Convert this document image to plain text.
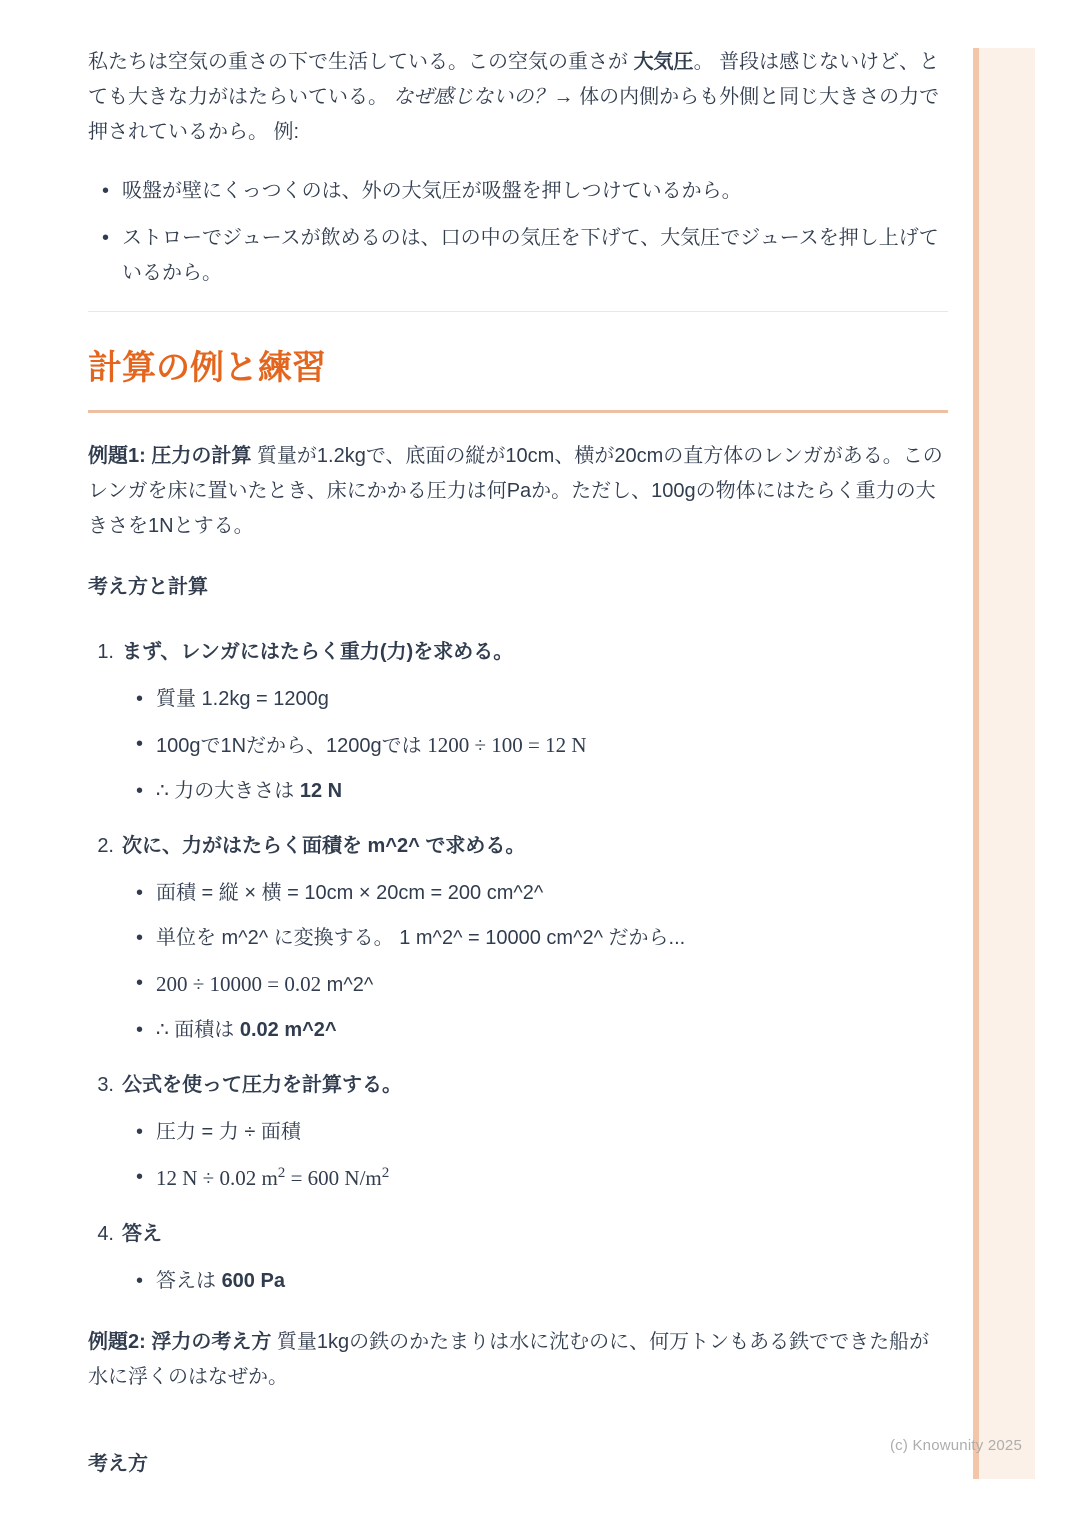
私たちは空気の重さの下で生活している。この空気の重さが 大気圧。 普段は感じないけど、とても大きな力がはたらいている。 なぜ感じないの？→ 体の内側からも外側と同じ大きさの力で押されているから。 例:

• 吸盤が壁にくっつくのは、外の大気圧が吸盤を押しつけているから。
• ストローでジュースが飲めるのは、口の中の気圧を下げて、大気圧でジュースを押し上げているから。
計算の例と練習

例題1: 圧力の計算 質量が1.2kgで、底面の縦が10cm、横が20cmの直方体のレンガがある。このレンガを床に置いたとき、床にかかる圧力は何Paか。ただし、100gの物体にはたらく重力の大きさを1Nとする。

考え方と計算

1. まず、レンガにはたらく重力(力)を求める。
• 質量 1.2kg = 1200g
• 100gで1Nだから、1200gでは 1200 ÷ 100 = 12 N
• ∴ 力の大きさは 12 N
2. 次に、力がはたらく面積を m^2^ で求める。
• 面積 = 縦 × 横 = 10cm × 20cm = 200 cm^2^
• 単位を m^2^ に変換する。 1 m^2^ = 10000 cm^2^ だから...
• 200 ÷ 10000 = 0.02 m^2^
• ∴ 面積は 0.02 m^2^
3. 公式を使って圧力を計算する。
• 圧力 = 力 ÷ 面積
• 12 N ÷ 0.02 $m^2 = 600$ $N/m^2$
4. 答え
• 答えは 600 Pa

例題2: 浮力の考え方 質量1kgの鉄のかたまりは水に沈むのに、何万トンもある鉄でできた船が水に浮くのはなぜか。

考え方

(c) Knowunity 2025
